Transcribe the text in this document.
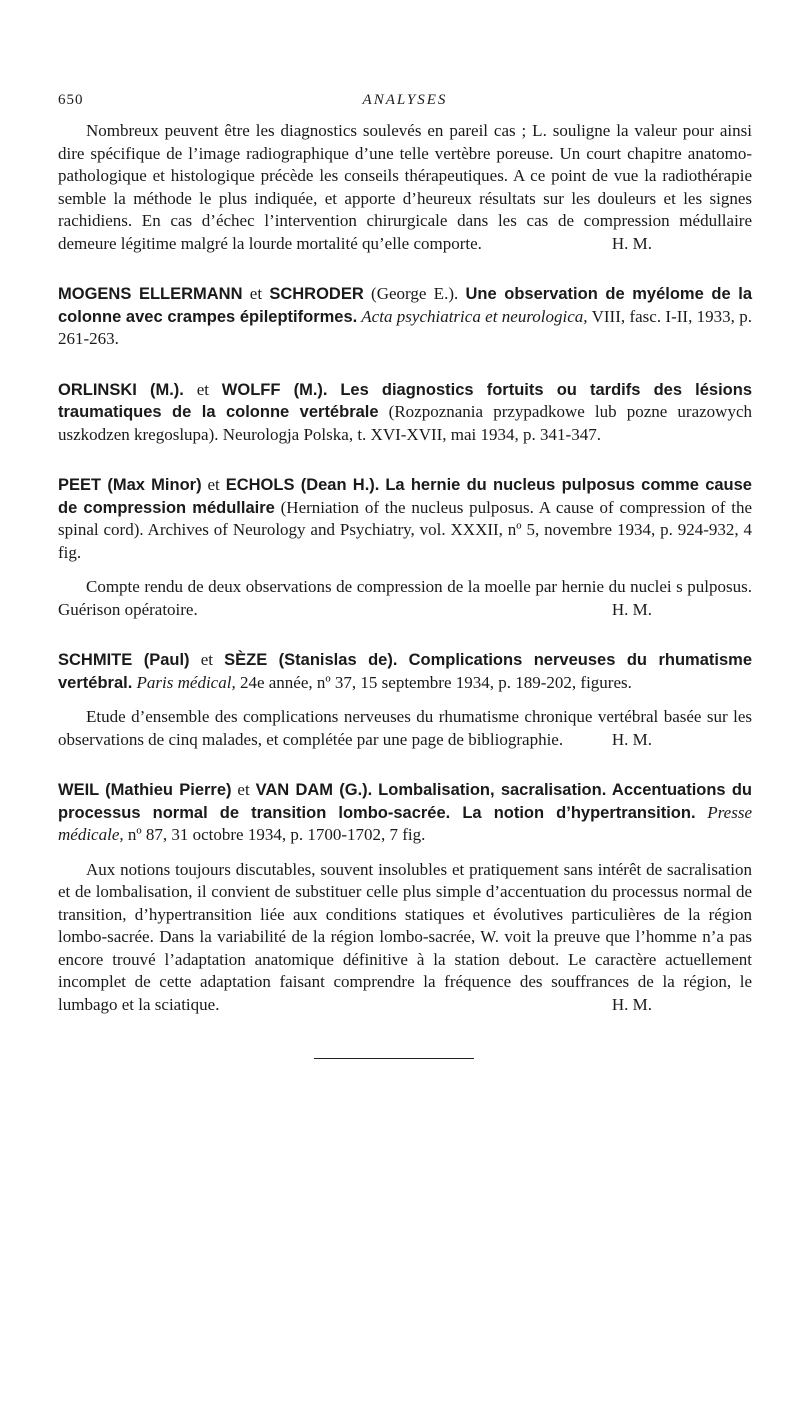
650	ANALYSES
Nombreux peuvent être les diagnostics soulevés en pareil cas ; L. souligne la valeur pour ainsi dire spécifique de l’image radiographique d’une telle vertèbre poreuse. Un court chapitre anatomo-pathologique et histologique précède les conseils thérapeutiques. A ce point de vue la radiothérapie semble la méthode le plus indiquée, et apporte d’heureux résultats sur les douleurs et les signes rachidiens. En cas d’échec l’intervention chirurgicale dans les cas de compression médullaire demeure légitime malgré la lourde mortalité qu’elle comporte.	H. M.

MOGENS ELLERMANN et SCHRODER (George E.). Une observation de myélome de la colonne avec crampes épileptiformes. Acta psychiatrica et neurologica, VIII, fasc. I-II, 1933, p. 261-263.

ORLINSKI (M.). et WOLFF (M.). Les diagnostics fortuits ou tardifs des lésions traumatiques de la colonne vertébrale (Rozpoznania przypadkowe lub pozne urazowych uszkodzen kregoslupa). Neurologja Polska, t. XVI-XVII, mai 1934, p. 341-347.

PEET (Max Minor) et ECHOLS (Dean H.). La hernie du nucleus pulposus comme cause de compression médullaire (Herniation of the nucleus pulposus. A cause of compression of the spinal cord). Archives of Neurology and Psychiatry, vol. XXXII, nº 5, novembre 1934, p. 924-932, 4 fig.

Compte rendu de deux observations de compression de la moelle par hernie du nuclei s pulposus. Guérison opératoire.	H. M.

SCHMITE (Paul) et SÈZE (Stanislas de). Complications nerveuses du rhumatisme vertébral. Paris médical, 24e année, nº 37, 15 septembre 1934, p. 189-202, figures.

Etude d’ensemble des complications nerveuses du rhumatisme chronique vertébral basée sur les observations de cinq malades, et complétée par une page de bibliographie.	H. M.

WEIL (Mathieu Pierre) et VAN DAM (G.). Lombalisation, sacralisation. Accentuations du processus normal de transition lombo-sacrée. La notion d’hypertransition. Presse médicale, nº 87, 31 octobre 1934, p. 1700-1702, 7 fig.

Aux notions toujours discutables, souvent insolubles et pratiquement sans intérêt de sacralisation et de lombalisation, il convient de substituer celle plus simple d’accentuation du processus normal de transition, d’hypertransition liée aux conditions statiques et évolutives particulières de la région lombo-sacrée. Dans la variabilité de la région lombo-sacrée, W. voit la preuve que l’homme n’a pas encore trouvé l’adaptation anatomique définitive à la station debout. Le caractère actuellement incomplet de cette adaptation faisant comprendre la fréquence des souffrances de la région, le lumbago et la sciatique.	H. M.
